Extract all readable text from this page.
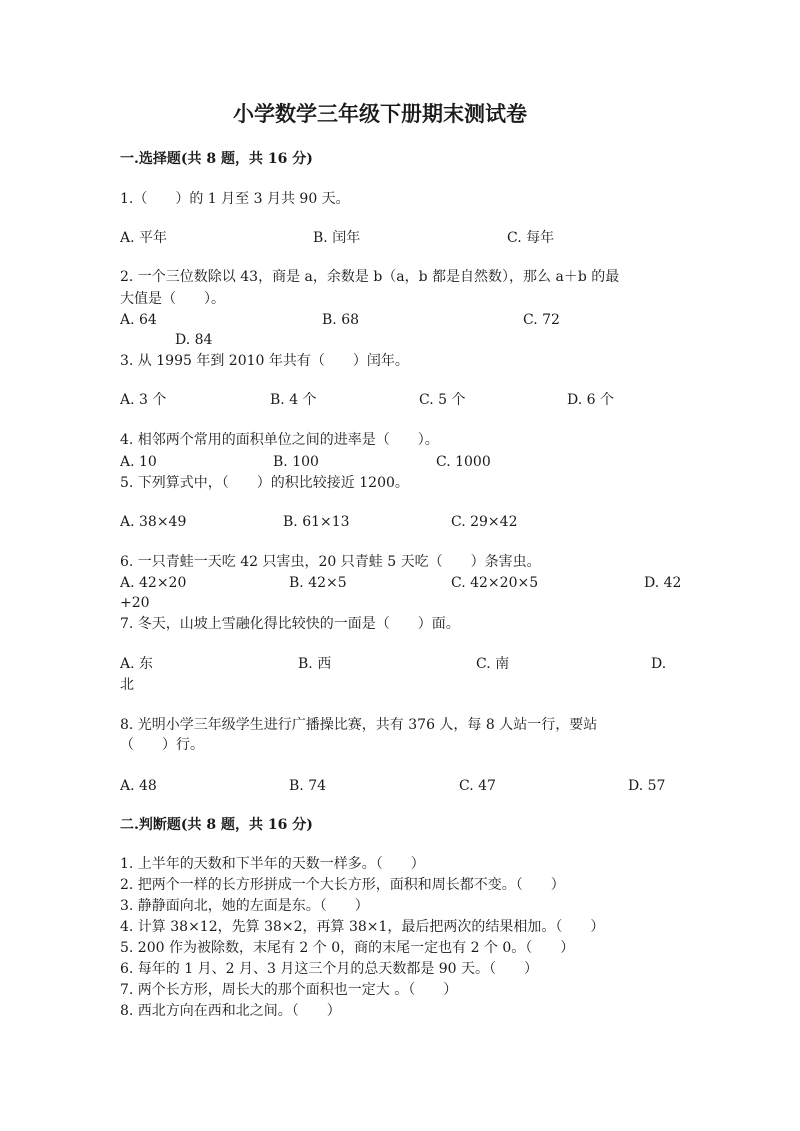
小学数学三年级下册期末测试卷
一.选择题(共 8 题，共 16 分)
1.（　　）的 1 月至 3 月共 90 天。
A. 平年	B. 闰年	C. 每年
2. 一个三位数除以 43，商是 a，余数是 b（a，b 都是自然数），那么 a＋b 的最
大值是（　　）。
A. 64	B. 68	C. 72
D. 84
3. 从 1995 年到 2010 年共有（　　）闰年。
A. 3 个	B. 4 个	C. 5 个	D. 6 个
4. 相邻两个常用的面积单位之间的进率是（　　）。
A. 10	B. 100	C. 1000
5. 下列算式中，（　　）的积比较接近 1200。
A. 38×49	B. 61×13	C. 29×42
6. 一只青蛙一天吃 42 只害虫，20 只青蛙 5 天吃（　　）条害虫。
A. 42×20	B. 42×5	C. 42×20×5	D. 42
+20
7. 冬天，山坡上雪融化得比较快的一面是（　　）面。
A. 东	B. 西	C. 南	D.
北
8. 光明小学三年级学生进行广播操比赛，共有 376 人，每 8 人站一行，要站
（　　）行。
A. 48	B. 74	C. 47	D. 57
二.判断题(共 8 题，共 16 分)
1. 上半年的天数和下半年的天数一样多。（　　）
2. 把两个一样的长方形拼成一个大长方形，面积和周长都不变。（　　）
3. 静静面向北，她的左面是东。（　　）
4. 计算 38×12，先算 38×2，再算 38×1，最后把两次的结果相加。（　　）
5. 200 作为被除数，末尾有 2 个 0，商的末尾一定也有 2 个 0。（　　）
6. 每年的 1 月、2 月、3 月这三个月的总天数都是 90 天。（　　）
7. 两个长方形，周长大的那个面积也一定大 。（　　）
8. 西北方向在西和北之间。（　　）
